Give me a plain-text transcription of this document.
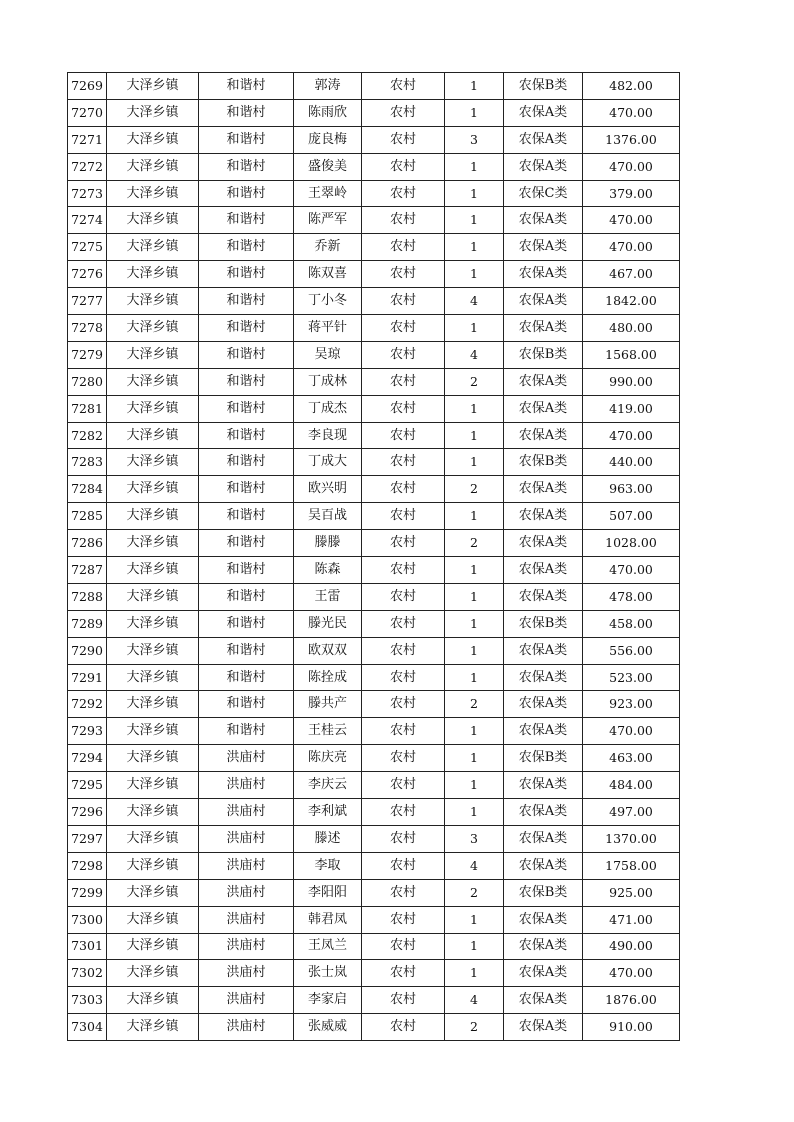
7269	大泽乡镇	和谐村	郭涛	农村	1	农保B类	482.00
7270	大泽乡镇	和谐村	陈雨欣	农村	1	农保A类	470.00
7271	大泽乡镇	和谐村	庞良梅	农村	3	农保A类	1376.00
7272	大泽乡镇	和谐村	盛俊美	农村	1	农保A类	470.00
7273	大泽乡镇	和谐村	王翠岭	农村	1	农保C类	379.00
7274	大泽乡镇	和谐村	陈严军	农村	1	农保A类	470.00
7275	大泽乡镇	和谐村	乔新	农村	1	农保A类	470.00
7276	大泽乡镇	和谐村	陈双喜	农村	1	农保A类	467.00
7277	大泽乡镇	和谐村	丁小冬	农村	4	农保A类	1842.00
7278	大泽乡镇	和谐村	蒋平针	农村	1	农保A类	480.00
7279	大泽乡镇	和谐村	吴琼	农村	4	农保B类	1568.00
7280	大泽乡镇	和谐村	丁成林	农村	2	农保A类	990.00
7281	大泽乡镇	和谐村	丁成杰	农村	1	农保A类	419.00
7282	大泽乡镇	和谐村	李良现	农村	1	农保A类	470.00
7283	大泽乡镇	和谐村	丁成大	农村	1	农保B类	440.00
7284	大泽乡镇	和谐村	欧兴明	农村	2	农保A类	963.00
7285	大泽乡镇	和谐村	吴百战	农村	1	农保A类	507.00
7286	大泽乡镇	和谐村	滕滕	农村	2	农保A类	1028.00
7287	大泽乡镇	和谐村	陈森	农村	1	农保A类	470.00
7288	大泽乡镇	和谐村	王雷	农村	1	农保A类	478.00
7289	大泽乡镇	和谐村	滕光民	农村	1	农保B类	458.00
7290	大泽乡镇	和谐村	欧双双	农村	1	农保A类	556.00
7291	大泽乡镇	和谐村	陈拴成	农村	1	农保A类	523.00
7292	大泽乡镇	和谐村	滕共产	农村	2	农保A类	923.00
7293	大泽乡镇	和谐村	王桂云	农村	1	农保A类	470.00
7294	大泽乡镇	洪庙村	陈庆亮	农村	1	农保B类	463.00
7295	大泽乡镇	洪庙村	李庆云	农村	1	农保A类	484.00
7296	大泽乡镇	洪庙村	李利斌	农村	1	农保A类	497.00
7297	大泽乡镇	洪庙村	滕述	农村	3	农保A类	1370.00
7298	大泽乡镇	洪庙村	李取	农村	4	农保A类	1758.00
7299	大泽乡镇	洪庙村	李阳阳	农村	2	农保B类	925.00
7300	大泽乡镇	洪庙村	韩君凤	农村	1	农保A类	471.00
7301	大泽乡镇	洪庙村	王凤兰	农村	1	农保A类	490.00
7302	大泽乡镇	洪庙村	张士岚	农村	1	农保A类	470.00
7303	大泽乡镇	洪庙村	李家启	农村	4	农保A类	1876.00
7304	大泽乡镇	洪庙村	张威威	农村	2	农保A类	910.00
